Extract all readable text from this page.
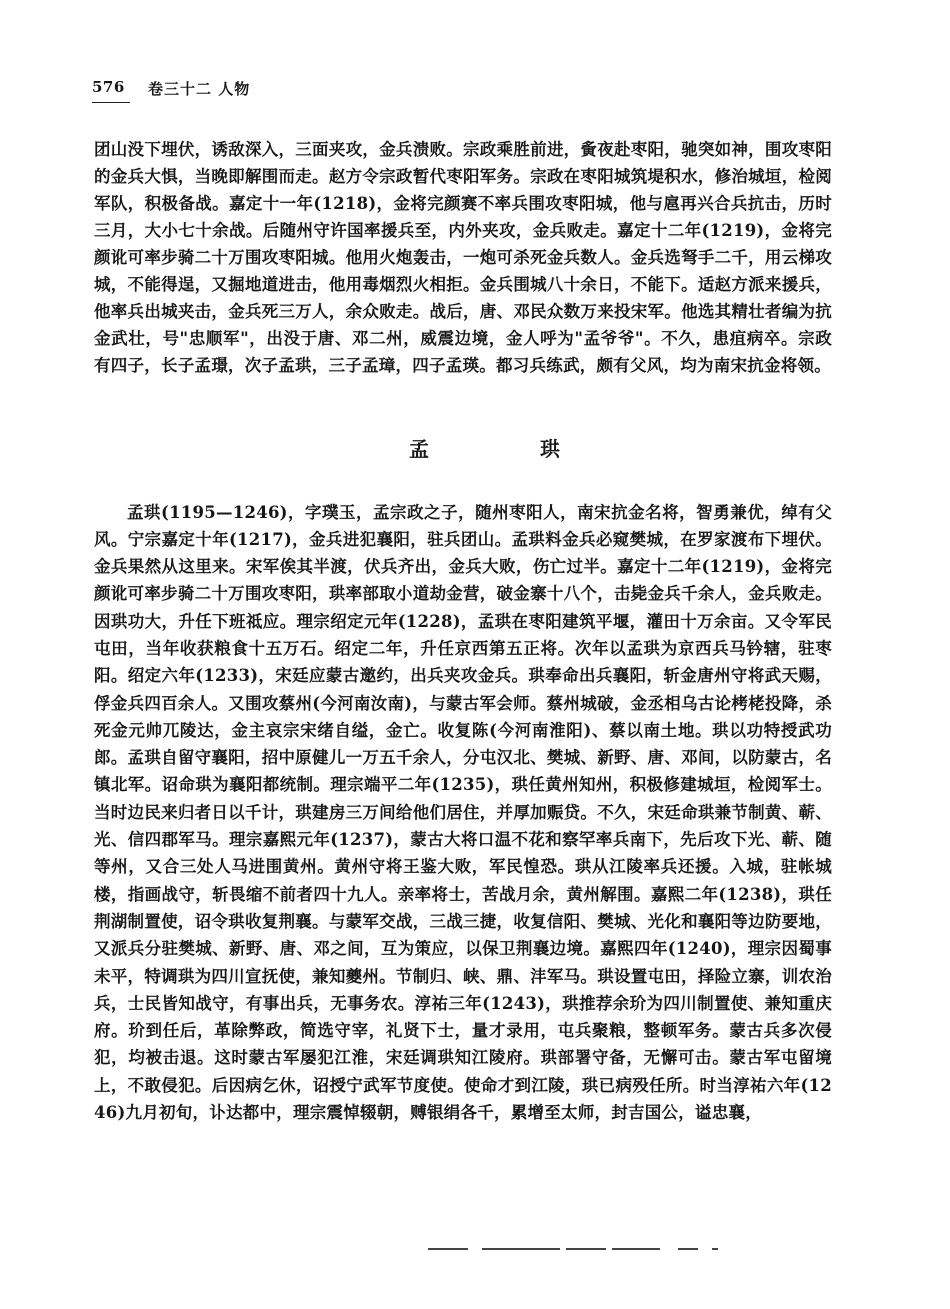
576 卷三十二 人物

团山没下埋伏，诱敌深入，三面夹攻，金兵溃败。宗政乘胜前进，夤夜赴枣阳，驰突如神，围攻枣阳的金兵大惧，当晚即解围而走。赵方令宗政暂代枣阳军务。宗政在枣阳城筑堤积水，修治城垣，检阅军队，积极备战。嘉定十一年(1218)，金将完颜赛不率兵围攻枣阳城，他与扈再兴合兵抗击，历时三月，大小七十余战。后随州守许国率援兵至，内外夹攻，金兵败走。嘉定十二年(1219)，金将完颜讹可率步骑二十万围攻枣阳城。他用火炮轰击，一炮可杀死金兵数人。金兵选弩手二千，用云梯攻城，不能得逞，又掘地道进击，他用毒烟烈火相拒。金兵围城八十余日，不能下。适赵方派来援兵，他率兵出城夹击，金兵死三万人，余众败走。战后，唐、邓民众数万来投宋军。他选其精壮者编为抗金武壮，号"忠顺军"，出没于唐、邓二州，威震边境，金人呼为"孟爷爷"。不久，患疽病卒。宗政有四子，长子孟璟，次子孟珙，三子孟璋，四子孟瑛。都习兵练武，颇有父风，均为南宋抗金将领。

孟 珙

孟珙(1195—1246)，字璞玉，孟宗政之子，随州枣阳人，南宋抗金名将，智勇兼优，绰有父风。宁宗嘉定十年(1217)，金兵进犯襄阳，驻兵团山。孟珙料金兵必窥樊城，在罗家渡布下埋伏。金兵果然从这里来。宋军俟其半渡，伏兵齐出，金兵大败，伤亡过半。嘉定十二年(1219)，金将完颜讹可率步骑二十万围攻枣阳，珙率部取小道劫金营，破金寨十八个，击毙金兵千余人，金兵败走。因珙功大，升任下班祗应。理宗绍定元年(1228)，孟珙在枣阳建筑平堰，灌田十万余亩。又令军民屯田，当年收获粮食十五万石。绍定二年，升任京西第五正将。次年以孟珙为京西兵马钤辖，驻枣阳。绍定六年(1233)，宋廷应蒙古邀约，出兵夹攻金兵。珙奉命出兵襄阳，斩金唐州守将武天赐，俘金兵四百余人。又围攻蔡州(今河南汝南)，与蒙古军会师。蔡州城破，金丞相乌古论栲栳投降，杀死金元帅兀陵达，金主哀宗宋绪自缢，金亡。收复陈(今河南淮阳)、蔡以南土地。珙以功特授武功郎。孟珙自留守襄阳，招中原健儿一万五千余人，分屯汉北、樊城、新野、唐、邓间，以防蒙古，名镇北军。诏命珙为襄阳都统制。理宗端平二年(1235)，珙任黄州知州，积极修建城垣，检阅军士。当时边民来归者日以千计，珙建房三万间给他们居住，并厚加赈贷。不久，宋廷命珙兼节制黄、蕲、光、信四郡军马。理宗嘉熙元年(1237)，蒙古大将口温不花和察罕率兵南下，先后攻下光、蕲、随等州，又合三处人马进围黄州。黄州守将王鉴大败，军民惶恐。珙从江陵率兵还援。入城，驻帐城楼，指画战守，斩畏缩不前者四十九人。亲率将士，苦战月余，黄州解围。嘉熙二年(1238)，珙任荆湖制置使，诏令珙收复荆襄。与蒙军交战，三战三捷，收复信阳、樊城、光化和襄阳等边防要地，又派兵分驻樊城、新野、唐、邓之间，互为策应，以保卫荆襄边境。嘉熙四年(1240)，理宗因蜀事未平，特调珙为四川宣抚使，兼知夔州。节制归、峡、鼎、沣军马。珙设置屯田，择险立寨，训农治兵，士民皆知战守，有事出兵，无事务农。淳祐三年(1243)，珙推荐余玠为四川制置使、兼知重庆府。玠到任后，革除弊政，简选守宰，礼贤下士，量才录用，屯兵聚粮，整顿军务。蒙古兵多次侵犯，均被击退。这时蒙古军屡犯江淮，宋廷调珙知江陵府。珙部署守备，无懈可击。蒙古军屯留境上，不敢侵犯。后因病乞休，诏授宁武军节度使。使命才到江陵，珙已病殁任所。时当淳祐六年(1246)九月初旬，讣达都中，理宗震悼辍朝，赙银绢各千，累增至太师，封吉国公，谥忠襄，
